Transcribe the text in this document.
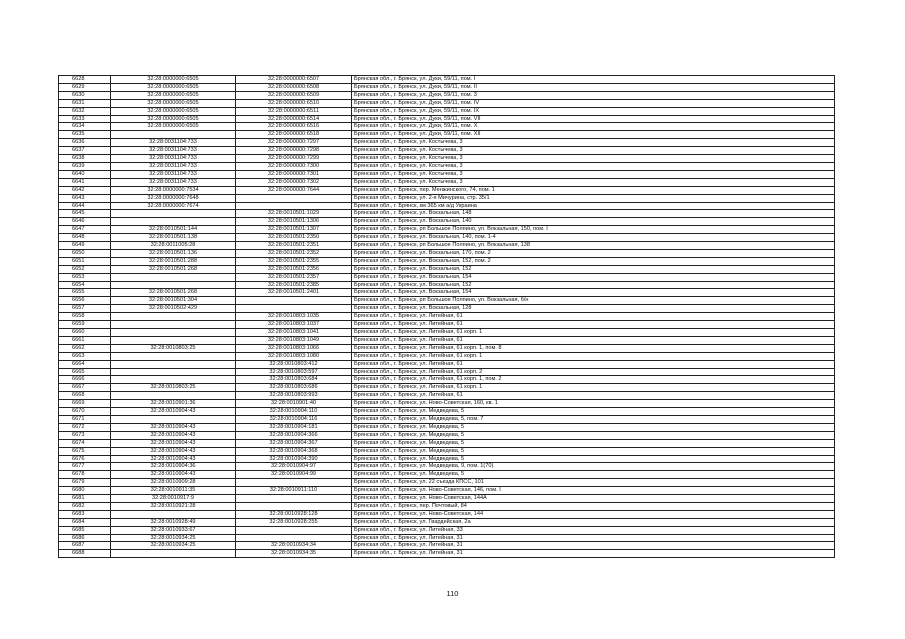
6628	32:28:0000000:6505	32:28:0000000:6507	Брянская обл., г. Брянск, ул. Дуки, 59/11, пом. I
6629	32:28:0000000:6505	32:28:0000000:6508	Брянская обл., г. Брянск, ул. Дуки, 59/11, пом. II
6630	32:28:0000000:6505	32:28:0000000:6509	Брянская обл., г. Брянск, ул. Дуки, 59/11, пом. 3
6631	32:28:0000000:6505	32:28:0000000:6510	Брянская обл., г. Брянск, ул. Дуки, 59/11, пом. IV
6632	32:28:0000000:6505	32:28:0000000:6511	Брянская обл., г. Брянск, ул. Дуки, 59/11, пом. IX
6633	32:28:0000000:6505	32:28:0000000:6514	Брянская обл., г. Брянск, ул. Дуки, 59/11, пом. VII
6634	32:28:0000000:6505	32:28:0000000:6516	Брянская обл., г. Брянск, ул. Дуки, 59/11, пом. X
6635		32:28:0000000:6518	Брянская обл., г. Брянск, ул. Дуки, 59/11, пом. XII
6636	32:28:0031104:733	32:28:0000000:7297	Брянская обл., г. Брянск, ул. Костычева, 3
6637	32:28:0031104:733	32:28:0000000:7298	Брянская обл., г. Брянск, ул. Костычева, 3
6638	32:28:0031104:733	32:28:0000000:7299	Брянская обл., г. Брянск, ул. Костычева, 3
6639	32:28:0031104:733	32:28:0000000:7300	Брянская обл., г. Брянск, ул. Костычева, 3
6640	32:28:0031104:733	32:28:0000000:7301	Брянская обл., г. Брянск, ул. Костычева, 3
6641	32:28:0031104:733	32:28:0000000:7302	Брянская обл., г. Брянск, ул. Костычева, 3
6642	32:28:0000000:7534	32:28:0000000:7644	Брянская обл., г. Брянск, пер. Менжинского, 74, пом. 1
6643	32:28:0000000:7648		Брянская обл., г. Брянск, ул. 2-я Мичурина, стр. 35/1
6644	32:28:0000000:7674		Брянская обл., г. Брянск, км 365 км а/д Украина
6645		32:28:0010501:1029	Брянская обл., г. Брянск, ул. Вокзальная, 148
6646		32:28:0010501:1306	Брянская обл., г. Брянск, ул. Вокзальная, 140
6647	32:28:0010501:144	32:28:0010501:1307	Брянская обл., г. Брянск, рп Большое Полпино, ул. Вокзальная, 150, пом. I
6648	32:28:0010501:138	32:28:0010501:2350	Брянская обл., г. Брянск, ул. Вокзальная, 140, пом. 1-4
6649	32:28:0011005:28	32:28:0010501:2351	Брянская обл., г. Брянск, рп Большое Полпино, ул. Вокзальная, 138
6650	32:28:0010501:136	32:28:0010501:2352	Брянская обл., г. Брянск, ул. Вокзальная, 170, пом. 2
6651	32:28:0010501:288	32:28:0010501:2355	Брянская обл., г. Брянск, ул. Вокзальная, 152, пом. 2
6652	32:28:0010501:268	32:28:0010501:2356	Брянская обл., г. Брянск, ул. Вокзальная, 152
6653		32:28:0010501:2357	Брянская обл., г. Брянск, ул. Вокзальная, 154
6654		32:28:0010501:2385	Брянская обл., г. Брянск, ул. Вокзальная, 152
6655	32:28:0010501:268	32:28:0010501:2401	Брянская обл., г. Брянск, ул. Вокзальная, 154
6656	32:28:0010501:304		Брянская обл., г. Брянск, рп Большое Полпино, ул. Вокзальная, б/н
6657	32:28:0010502:429		Брянская обл., г. Брянск, ул. Вокзальная, 128
6658		32:28:0010803:1035	Брянская обл., г. Брянск, ул. Литейная, 61
6659		32:28:0010803:1037	Брянская обл., г. Брянск, ул. Литейная, 61
6660		32:28:0010803:1041	Брянская обл., г. Брянск, ул. Литейная, 61 корп. 1
6661		32:28:0010803:1049	Брянская обл., г. Брянск, ул. Литейная, 61
6662	32:28:0010803:25	32:28:0010803:1066	Брянская обл., г. Брянск, ул. Литейная, 61 корп. 1, пом. 8
6663		32:28:0010803:1080	Брянская обл., г. Брянск, ул. Литейная, 61 корп. 1
6664		32:28:0010803:412	Брянская обл., г. Брянск, ул. Литейная, 61
6665		32:28:0010803:597	Брянская обл., г. Брянск, ул. Литейная, 61 корп. 2
6666		32:28:0010803:684	Брянская обл., г. Брянск, ул. Литейная, 61 корп. 1, пом. 2
6667	32:28:0010803:25	32:28:0010803:686	Брянская обл., г. Брянск, ул. Литейная, 61 корп. 1
6668		32:28:0010803:993	Брянская обл., г. Брянск, ул. Литейная, 61
6669	32:28:0010901:36	32:28:0010901:40	Брянская обл., г. Брянск, ул. Ново-Советская, 160, кв. 1
6670	32:28:0010904:43	32:28:0010904:110	Брянская обл., г. Брянск, ул. Медведева, 5
6671		32:28:0010904:116	Брянская обл., г. Брянск, ул. Медведева, 5, пом. 7
6672	32:28:0010904:43	32:28:0010904:181	Брянская обл., г. Брянск, ул. Медведева, 5
6673	32:28:0010904:43	32:28:0010904:366	Брянская обл., г. Брянск, ул. Медведева, 5
6674	32:28:0010904:43	32:28:0010904:367	Брянская обл., г. Брянск, ул. Медведева, 5
6675	32:28:0010904:43	32:28:0010904:368	Брянская обл., г. Брянск, ул. Медведева, 5
6676	32:28:0010904:43	32:28:0010904:390	Брянская обл., г. Брянск, ул. Медведева, 5
6677	32:28:0010904:36	32:28:0010904:97	Брянская обл., г. Брянск, ул. Медведева, 9, пом. 1(70)
6678	32:28:0010904:43	32:28:0010904:99	Брянская обл., г. Брянск, ул. Медведева, 5
6679	32:28:0010909:28		Брянская обл., г. Брянск, ул. 22 съезда КПСС, 101
6680	32:28:0010911:35	32:28:0010911:110	Брянская обл., г. Брянск, ул. Ново-Советская, 146, пом. I
6681	32:28:0010917:9		Брянская обл., г. Брянск, ул. Ново-Советская, 144А
6682	32:28:0010921:28		Брянская обл., г. Брянск, пер. Почтовый, 84
6683		32:28:0010928:128	Брянская обл., г. Брянск, ул. Ново-Советская, 144
6684	32:28:0010928:49	32:28:0010928:255	Брянская обл., г. Брянск, ул. Гвардейская, 2а
6685	32:28:0010933:67		Брянская обл., г. Брянск, ул. Литейная, 33
6686	32:28:0010934:25		Брянская обл., г. Брянск, ул. Литейная, 31
6687	32:28:0010934:25	32:28:0010934:34	Брянская обл., г. Брянск, ул. Литейная, 31
6688		32:28:0010934:35	Брянская обл., г. Брянск, ул. Литейная, 31
110
